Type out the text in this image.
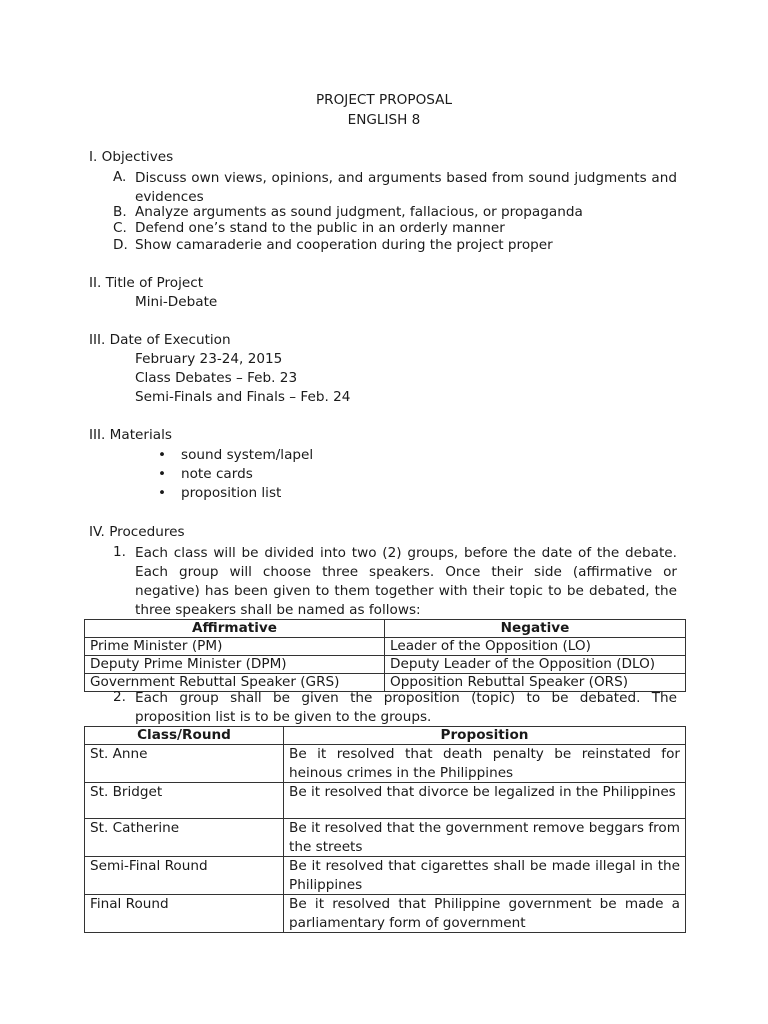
PROJECT PROPOSAL
ENGLISH 8
I. Objectives
A. Discuss own views, opinions, and arguments based from sound judgments and evidences
B. Analyze arguments as sound judgment, fallacious, or propaganda
C. Defend one’s stand to the public in an orderly manner
D. Show camaraderie and cooperation during the project proper
II. Title of Project
Mini-Debate
III. Date of Execution
February 23-24, 2015
Class Debates – Feb. 23
Semi-Finals and Finals – Feb. 24
III. Materials
• sound system/lapel
• note cards
• proposition list
IV. Procedures
1. Each class will be divided into two (2) groups, before the date of the debate. Each group will choose three speakers. Once their side (affirmative or negative) has been given to them together with their topic to be debated, the three speakers shall be named as follows:
Affirmative	Negative
Prime Minister (PM)	Leader of the Opposition (LO)
Deputy Prime Minister (DPM)	Deputy Leader of the Opposition (DLO)
Government Rebuttal Speaker (GRS)	Opposition Rebuttal Speaker (ORS)
2. Each group shall be given the proposition (topic) to be debated. The proposition list is to be given to the groups.
Class/Round	Proposition
St. Anne	Be it resolved that death penalty be reinstated for heinous crimes in the Philippines
St. Bridget	Be it resolved that divorce be legalized in the Philippines
St. Catherine	Be it resolved that the government remove beggars from the streets
Semi-Final Round	Be it resolved that cigarettes shall be made illegal in the Philippines
Final Round	Be it resolved that Philippine government be made a parliamentary form of government
